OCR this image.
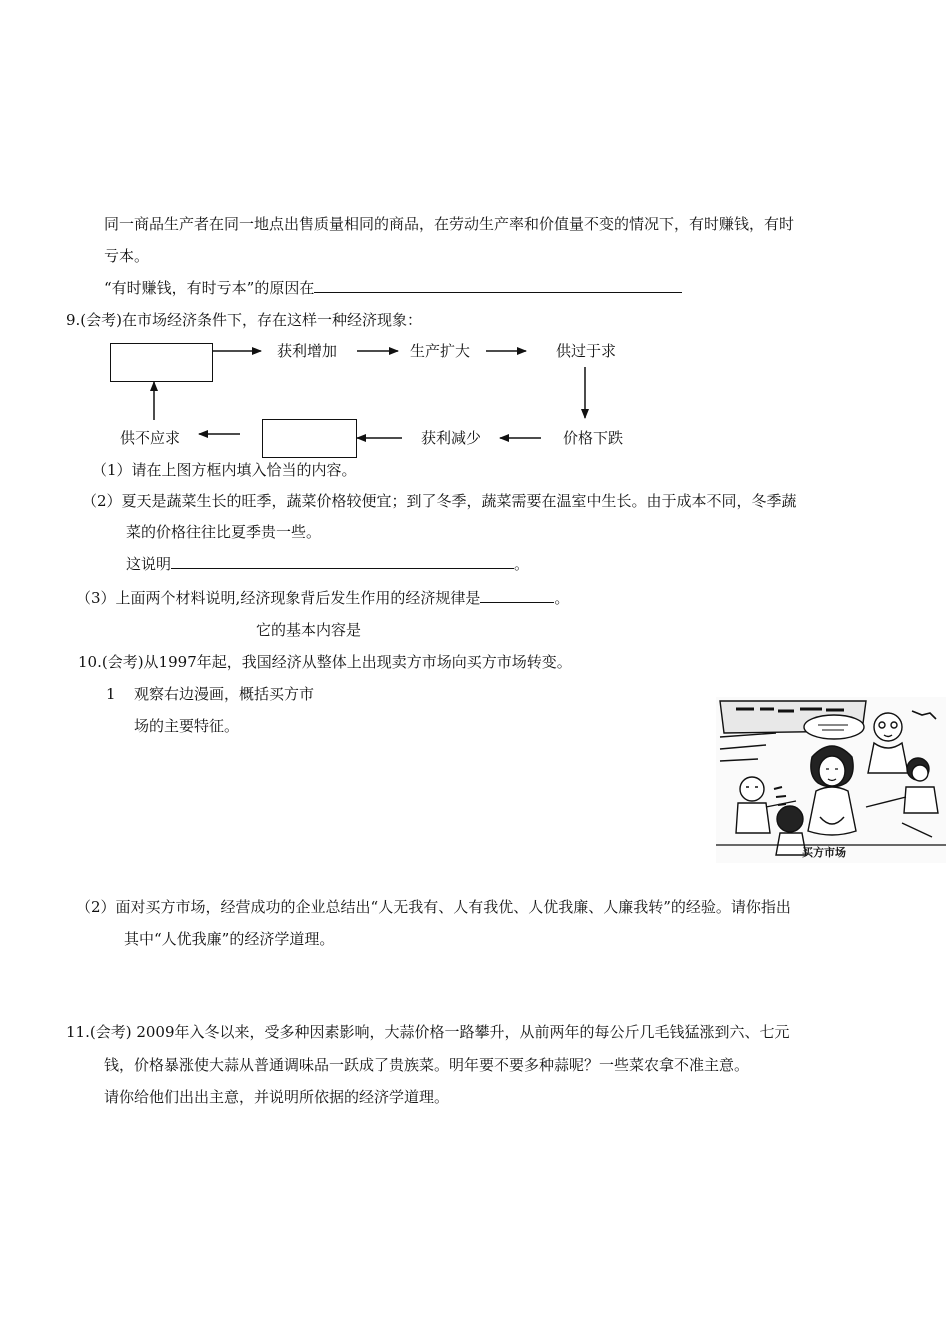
同一商品生产者在同一地点出售质量相同的商品，在劳动生产率和价值量不变的情况下，有时赚钱，有时
亏本。
“有时赚钱，有时亏本”的原因在
9.(会考)在市场经济条件下，存在这样一种经济现象：
获利增加	生产扩大	供过于求
价格下跌
获利减少
供不应求
（1）请在上图方框内填入恰当的内容。
（2）夏天是蔬菜生长的旺季，蔬菜价格较便宜；到了冬季，蔬菜需要在温室中生长。由于成本不同，冬季蔬
菜的价格往往比夏季贵一些。
这说明	。
（3）上面两个材料说明,经济现象背后发生作用的经济规律是	。
它的基本内容是
10.(会考)从1997年起，我国经济从整体上出现卖方市场向买方市场转变。
1 观察右边漫画，概括买方市
场的主要特征。
买方市场
（2）面对买方市场，经营成功的企业总结出“人无我有、人有我优、人优我廉、人廉我转”的经验。请你指出
其中“人优我廉”的经济学道理。
11.(会考) 2009年入冬以来，受多种因素影响，大蒜价格一路攀升，从前两年的每公斤几毛钱猛涨到六、七元
钱，价格暴涨使大蒜从普通调味品一跃成了贵族菜。明年要不要多种蒜呢？一些菜农拿不准主意。
请你给他们出出主意，并说明所依据的经济学道理。
